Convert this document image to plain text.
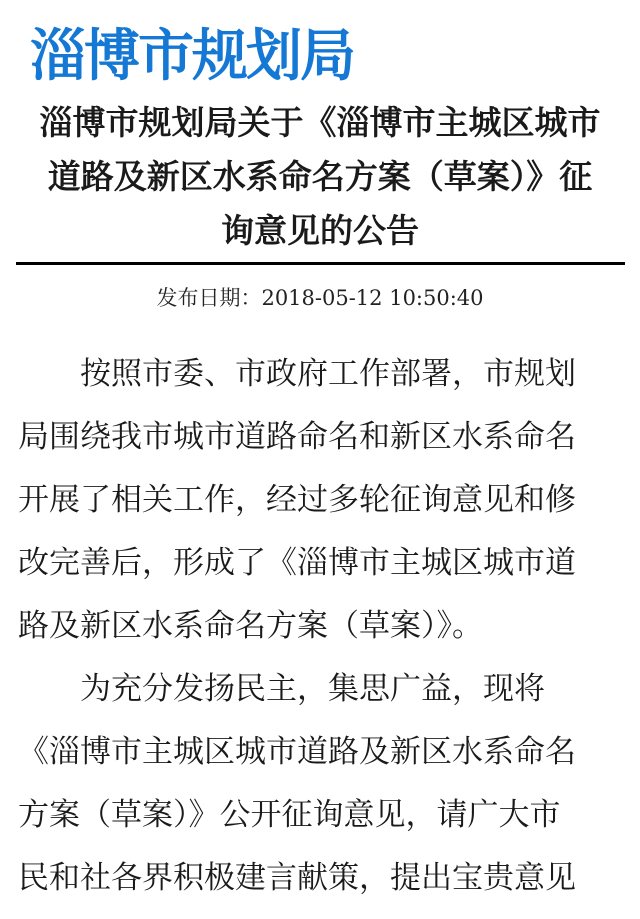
淄博市规划局
淄博市规划局关于《淄博市主城区城市
道路及新区水系命名方案（草案）》征
询意见的公告
发布日期：2018-05-12 10:50:40
按照市委、市政府工作部署，市规划
局围绕我市城市道路命名和新区水系命名
开展了相关工作，经过多轮征询意见和修
改完善后，形成了《淄博市主城区城市道
路及新区水系命名方案（草案）》。
为充分发扬民主，集思广益，现将
《淄博市主城区城市道路及新区水系命名
方案（草案）》公开征询意见，请广大市
民和社各界积极建言献策，提出宝贵意见
